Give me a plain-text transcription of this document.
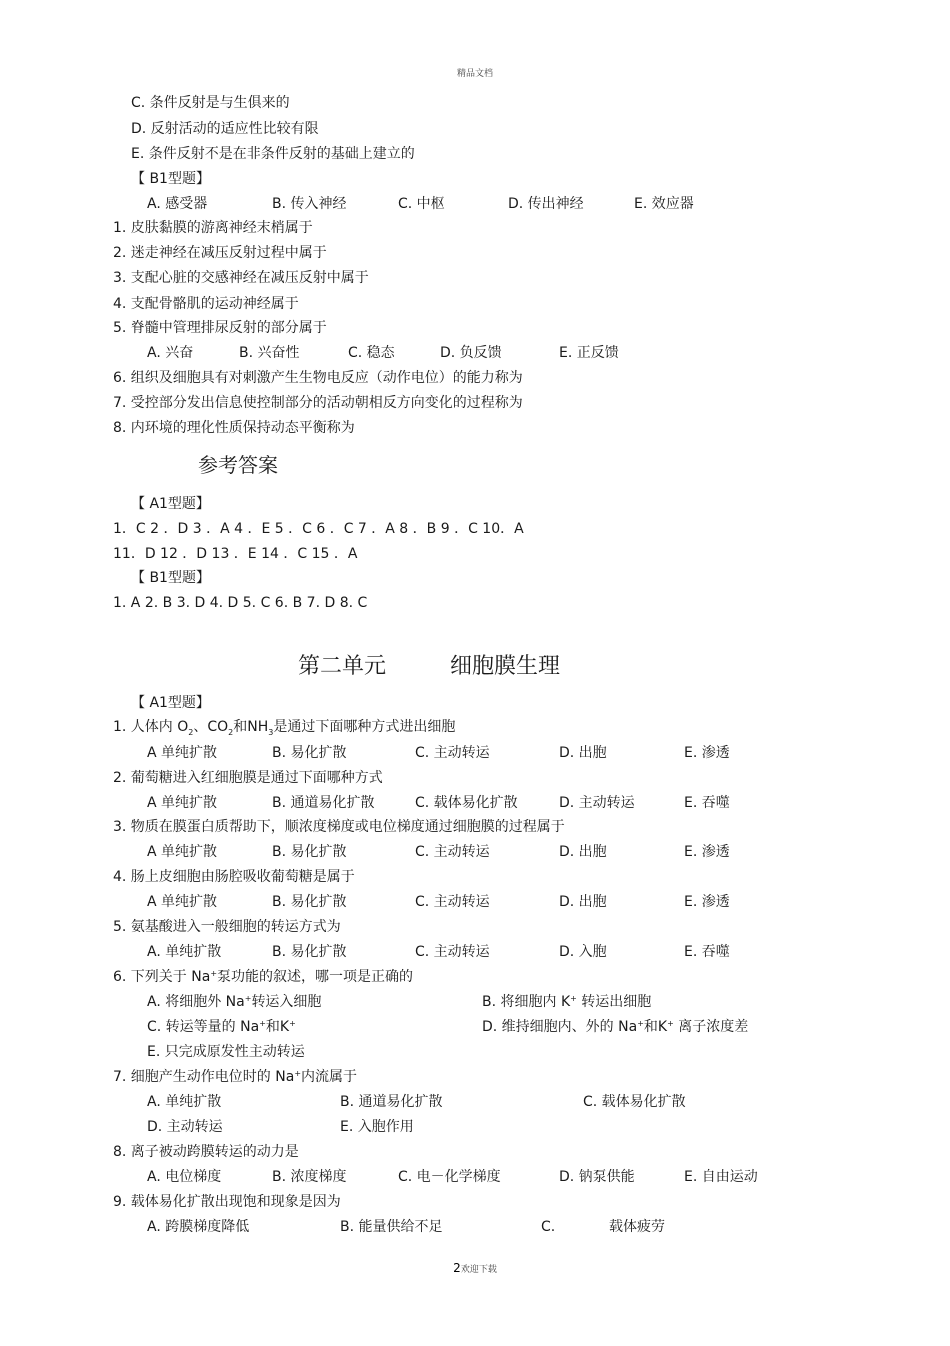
精品文档
C. 条件反射是与生俱来的
D. 反射活动的适应性比较有限
E. 条件反射不是在非条件反射的基础上建立的
【 B1型题】
A. 感受器	B. 传入神经	C. 中枢	D. 传出神经	E. 效应器
1. 皮肤黏膜的游离神经末梢属于
2. 迷走神经在减压反射过程中属于
3. 支配心脏的交感神经在减压反射中属于
4. 支配骨骼肌的运动神经属于
5. 脊髓中管理排尿反射的部分属于
A. 兴奋	B. 兴奋性	C. 稳态	D. 负反馈	E. 正反馈
6. 组织及细胞具有对刺激产生生物电反应（动作电位）的能力称为
7. 受控部分发出信息使控制部分的活动朝相反方向变化的过程称为
8. 内环境的理化性质保持动态平衡称为
参考答案
【 A1型题】
1．C 2 ．D 3 ．A 4 ．E 5 ．C 6 ．C 7 ．A 8 ．B 9 ．C 10．A
11．D 12 ．D 13 ．E 14 ．C 15 ．A
【 B1型题】
1. A 2. B 3. D 4. D 5. C 6. B 7. D 8. C
第二单元	细胞膜生理
【 A1型题】
1. 人体内 $O_2$、$CO_2$和$NH_3$是通过下面哪种方式进出细胞
A 单纯扩散	B. 易化扩散	C. 主动转运	D. 出胞	E. 渗透
2. 葡萄糖进入红细胞膜是通过下面哪种方式
A 单纯扩散	B. 通道易化扩散	C. 载体易化扩散	D. 主动转运	E. 吞噬
3. 物质在膜蛋白质帮助下，顺浓度梯度或电位梯度通过细胞膜的过程属于
A 单纯扩散	B. 易化扩散	C. 主动转运	D. 出胞	E. 渗透
4. 肠上皮细胞由肠腔吸收葡萄糖是属于
A 单纯扩散	B. 易化扩散	C. 主动转运	D. 出胞	E. 渗透
5. 氨基酸进入一般细胞的转运方式为
A. 单纯扩散	B. 易化扩散	C. 主动转运	D. 入胞	E. 吞噬
6. 下列关于 Na+泵功能的叙述，哪一项是正确的
A. 将细胞外 Na+转运入细胞	B. 将细胞内 K+ 转运出细胞
C. 转运等量的 Na+和K+	D. 维持细胞内、外的 Na+和K+ 离子浓度差
E. 只完成原发性主动转运
7. 细胞产生动作电位时的 Na+内流属于
A. 单纯扩散	B. 通道易化扩散	C. 载体易化扩散
D. 主动转运	E. 入胞作用
8. 离子被动跨膜转运的动力是
A. 电位梯度	B. 浓度梯度	C. 电－化学梯度	D. 钠泵供能	E. 自由运动
9. 载体易化扩散出现饱和现象是因为
A. 跨膜梯度降低	B. 能量供给不足	C.	载体疲劳
2欢迎下载
